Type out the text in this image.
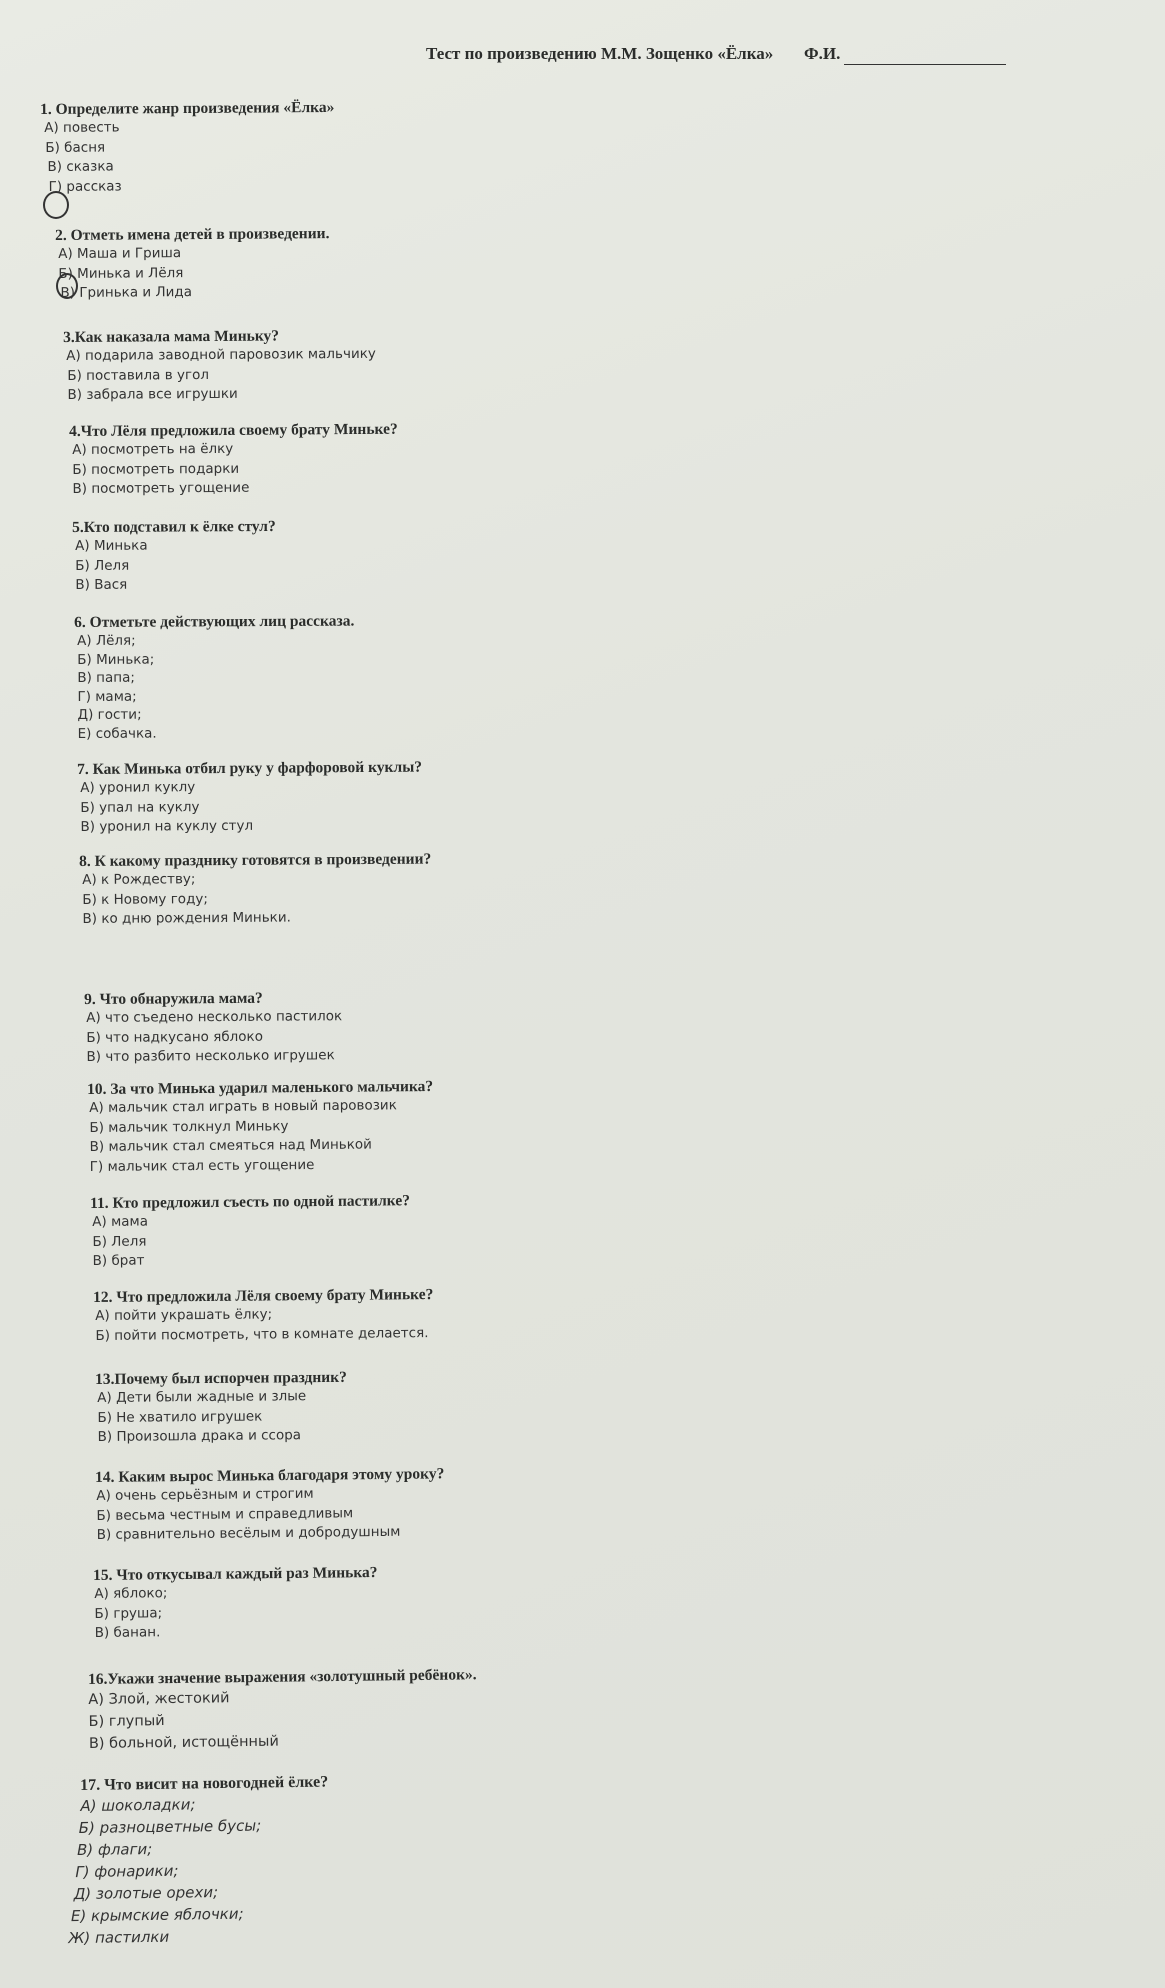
Тест по произведению М.М. Зощенко «Ёлка» Ф.И.
1. Определите жанр произведения «Ёлка»
А) повесть
Б) басня
В) сказка
Г) рассказ
2. Отметь имена детей в произведении.
А) Маша и Гриша
Б) Минька и Лёля
В) Гринька и Лида
3.Как наказала мама Миньку?
А) подарила заводной паровозик мальчику
Б) поставила в угол
В) забрала все игрушки
4.Что Лёля предложила своему брату Миньке?
А) посмотреть на ёлку
Б) посмотреть подарки
В) посмотреть угощение
5.Кто подставил к ёлке стул?
А) Минька
Б) Леля
В) Вася
6. Отметьте действующих лиц рассказа.
А) Лёля;
Б) Минька;
В) папа;
Г) мама;
Д) гости;
Е) собачка.
7. Как Минька отбил руку у фарфоровой куклы?
А) уронил куклу
Б) упал на куклу
В) уронил на куклу стул
8. К какому празднику готовятся в произведении?
А) к Рождеству;
Б) к Новому году;
В) ко дню рождения Миньки.
9. Что обнаружила мама?
А) что съедено несколько пастилок
Б) что надкусано яблоко
В) что разбито несколько игрушек
10. За что Минька ударил маленького мальчика?
А) мальчик стал играть в новый паровозик
Б) мальчик толкнул Миньку
В) мальчик стал смеяться над Минькой
Г) мальчик стал есть угощение
11. Кто предложил съесть по одной пастилке?
А) мама
Б) Леля
В) брат
12. Что предложила Лёля своему брату Миньке?
А) пойти украшать ёлку;
Б) пойти посмотреть, что в комнате делается.
13.Почему был испорчен праздник?
А) Дети были жадные и злые
Б) Не хватило игрушек
В) Произошла драка и ссора
14. Каким вырос Минька благодаря этому уроку?
А) очень серьёзным и строгим
Б) весьма честным и справедливым
В) сравнительно весёлым и добродушным
15. Что откусывал каждый раз Минька?
А) яблоко;
Б) груша;
В) банан.
16.Укажи значение выражения «золотушный ребёнок».
А) Злой, жестокий
Б) глупый
В) больной, истощённый
17. Что висит на новогодней ёлке?
А) шоколадки;
Б) разноцветные бусы;
В) флаги;
Г) фонарики;
Д) золотые орехи;
Е) крымские яблочки;
Ж) пастилки
